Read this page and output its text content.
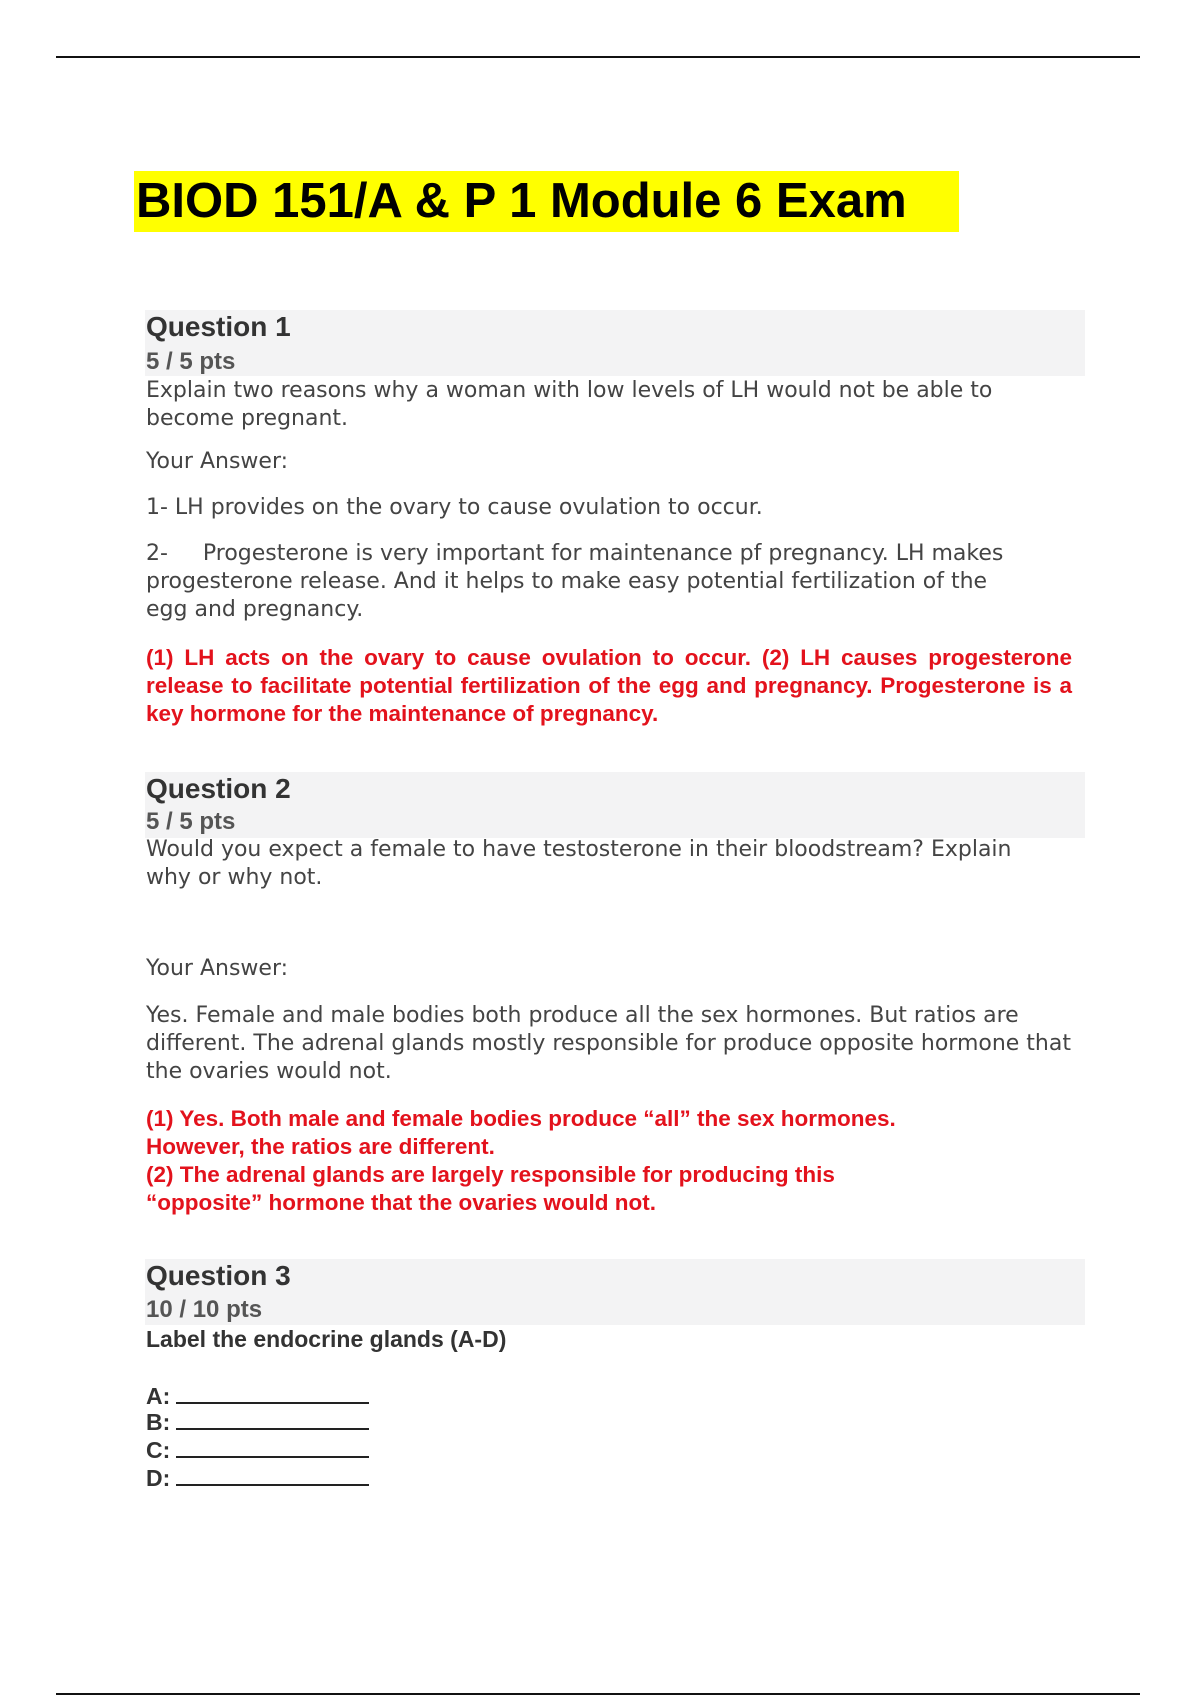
BIOD 151/A & P 1 Module 6 Exam
Question 1
5 / 5 pts
Explain two reasons why a woman with low levels of LH would not be able to become pregnant.
Your Answer:
1- LH provides on the ovary to cause ovulation to occur.
2-     Progesterone is very important for maintenance pf pregnancy. LH makes progesterone release. And it helps to make easy potential fertilization of the egg and pregnancy.
(1) LH acts on the ovary to cause ovulation to occur. (2) LH causes progesterone release to facilitate potential fertilization of the egg and pregnancy. Progesterone is a key hormone for the maintenance of pregnancy.
Question 2
5 / 5 pts
Would you expect a female to have testosterone in their bloodstream? Explain why or why not.
Your Answer:
Yes. Female and male bodies both produce all the sex hormones. But ratios are different. The adrenal glands mostly responsible for produce opposite hormone that the ovaries would not.
(1) Yes. Both male and female bodies produce “all” the sex hormones.
However, the ratios are different.
(2) The adrenal glands are largely responsible for producing this
“opposite” hormone that the ovaries would not.
Question 3
10 / 10 pts
Label the endocrine glands (A-D)
A:
B:
C:
D:
